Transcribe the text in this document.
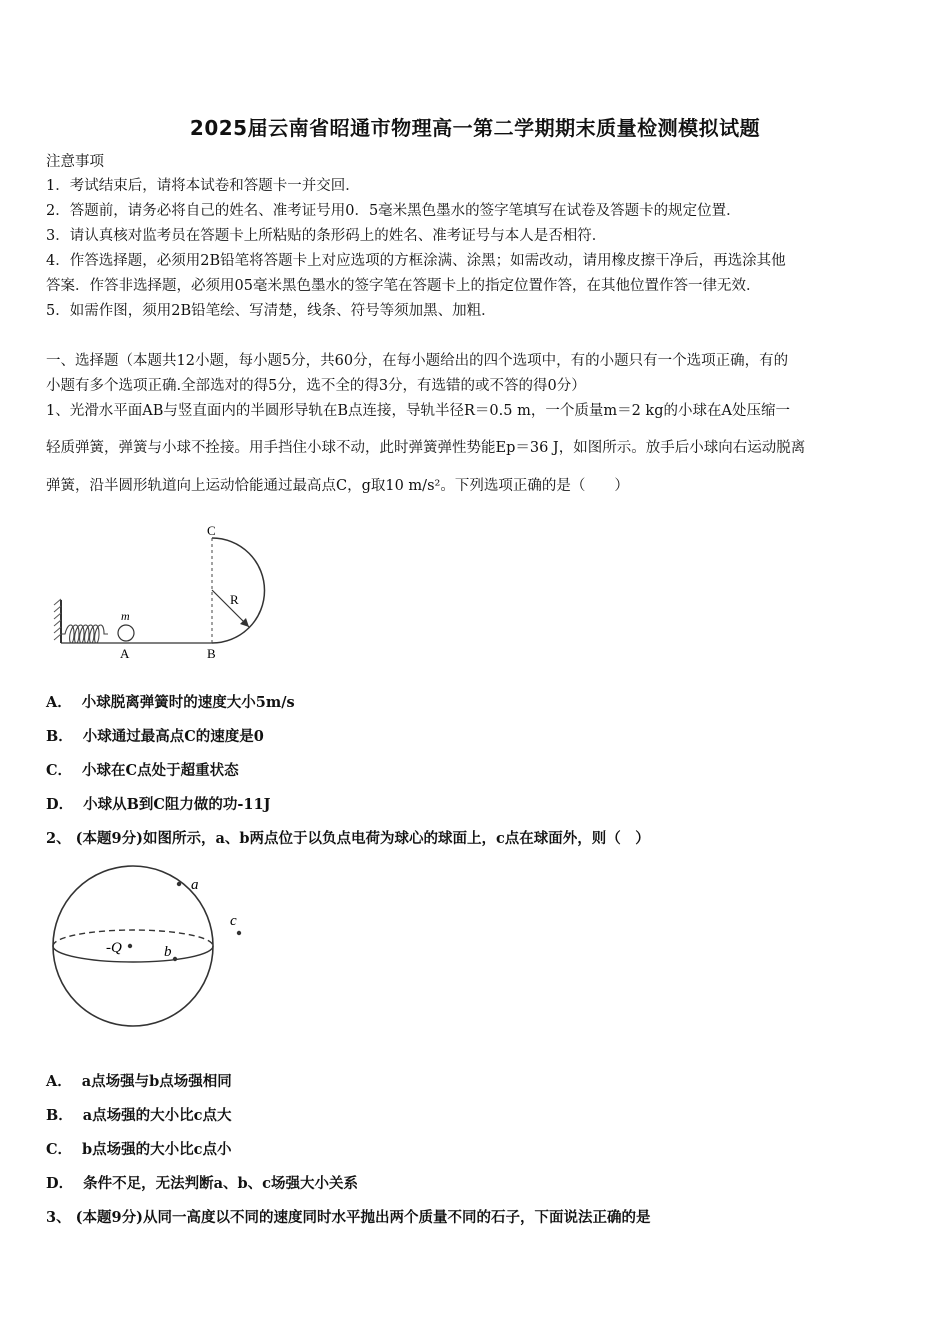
2025届云南省昭通市物理高一第二学期期末质量检测模拟试题
注意事项
1．考试结束后，请将本试卷和答题卡一并交回．
2．答题前，请务必将自己的姓名、准考证号用0．5毫米黑色墨水的签字笔填写在试卷及答题卡的规定位置．
3．请认真核对监考员在答题卡上所粘贴的条形码上的姓名、准考证号与本人是否相符．
4．作答选择题，必须用2B铅笔将答题卡上对应选项的方框涂满、涂黑；如需改动，请用橡皮擦干净后，再选涂其他
答案．作答非选择题，必须用05毫米黑色墨水的签字笔在答题卡上的指定位置作答，在其他位置作答一律无效．
5．如需作图，须用2B铅笔绘、写清楚，线条、符号等须加黑、加粗．
一、选择题（本题共12小题，每小题5分，共60分，在每小题给出的四个选项中，有的小题只有一个选项正确，有的
小题有多个选项正确.全部选对的得5分，选不全的得3分，有选错的或不答的得0分）
1、光滑水平面AB与竖直面内的半圆形导轨在B点连接，导轨半径R＝0.5 m，一个质量m＝2 kg的小球在A处压缩一
轻质弹簧，弹簧与小球不拴接。用手挡住小球不动，此时弹簧弹性势能Ep＝36 J，如图所示。放手后小球向右运动脱离
弹簧，沿半圆形轨道向上运动恰能通过最高点C，g取10 m/s²。下列选项正确的是（　　）
C
R
m
A	B
A． 小球脱离弹簧时的速度大小5m/s
B． 小球通过最高点C的速度是0
C． 小球在C点处于超重状态
D． 小球从B到C阻力做的功-11J
2、 (本题9分)如图所示，a、b两点位于以负点电荷为球心的球面上，c点在球面外，则（　）
-Q
a
b
c
A． a点场强与b点场强相同
B． a点场强的大小比c点大
C． b点场强的大小比c点小
D． 条件不足，无法判断a、b、c场强大小关系
3、 (本题9分)从同一高度以不同的速度同时水平抛出两个质量不同的石子，下面说法正确的是
